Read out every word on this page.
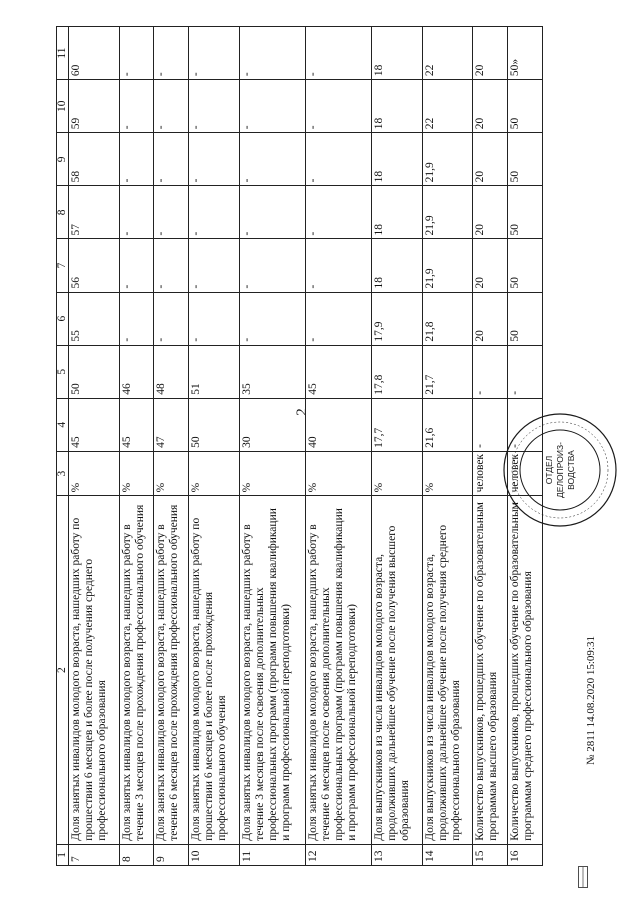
2
1	2	3	4	5	6	7	8	9	10	11
7	Доля занятых инвалидов молодого возраста, нашедших работу по прошествии 6 месяцев и более после получения среднего профессионального образования	%	45	50	55	56	57	58	59	60
8	Доля занятых инвалидов молодого возраста, нашедших работу в течение 3 месяцев после прохождения профессионального обучения	%	45	46	-	-	-	-	-	-
9	Доля занятых инвалидов молодого возраста, нашедших работу в течение 6 месяцев после прохождения профессионального обучения	%	47	48	-	-	-	-	-	-
10	Доля занятых инвалидов молодого возраста, нашедших работу по прошествии 6 месяцев и более после прохождения профессионального обучения	%	50	51	-	-	-	-	-	-
11	Доля занятых инвалидов молодого возраста, нашедших работу в течение 3 месяцев после освоения дополнительных профессиональных программ (программ повышения квалификации и программ профессиональной переподготовки)	%	30	35	-	-	-	-	-	-
12	Доля занятых инвалидов молодого возраста, нашедших работу в течение 6 месяцев после освоения дополнительных профессиональных программ (программ повышения квалификации и программ профессиональной переподготовки)	%	40	45	-	-	-	-	-	-
13	Доля выпускников из числа инвалидов молодого возраста, продолживших дальнейшее обучение после получения высшего образования	%	17,7	17,8	17,9	18	18	18	18	18
14	Доля выпускников из числа инвалидов молодого возраста, продолживших дальнейшее обучение после получения среднего профессионального образования	%	21,6	21,7	21,8	21,9	21,9	21,9	22	22
15	Количество выпускников, прошедших обучение по образовательным программам высшего образования	человек	-	-	20	20	20	20	20	20
16	Количество выпускников, прошедших обучение по образовательным программам среднего профессионального образования	человек	-	-	50	50	50	50	50	50»
№ 2811 14.08.2020 15:09:31
ОТДЕЛ ДЕЛОПРОИЗ- ВОДСТВА
